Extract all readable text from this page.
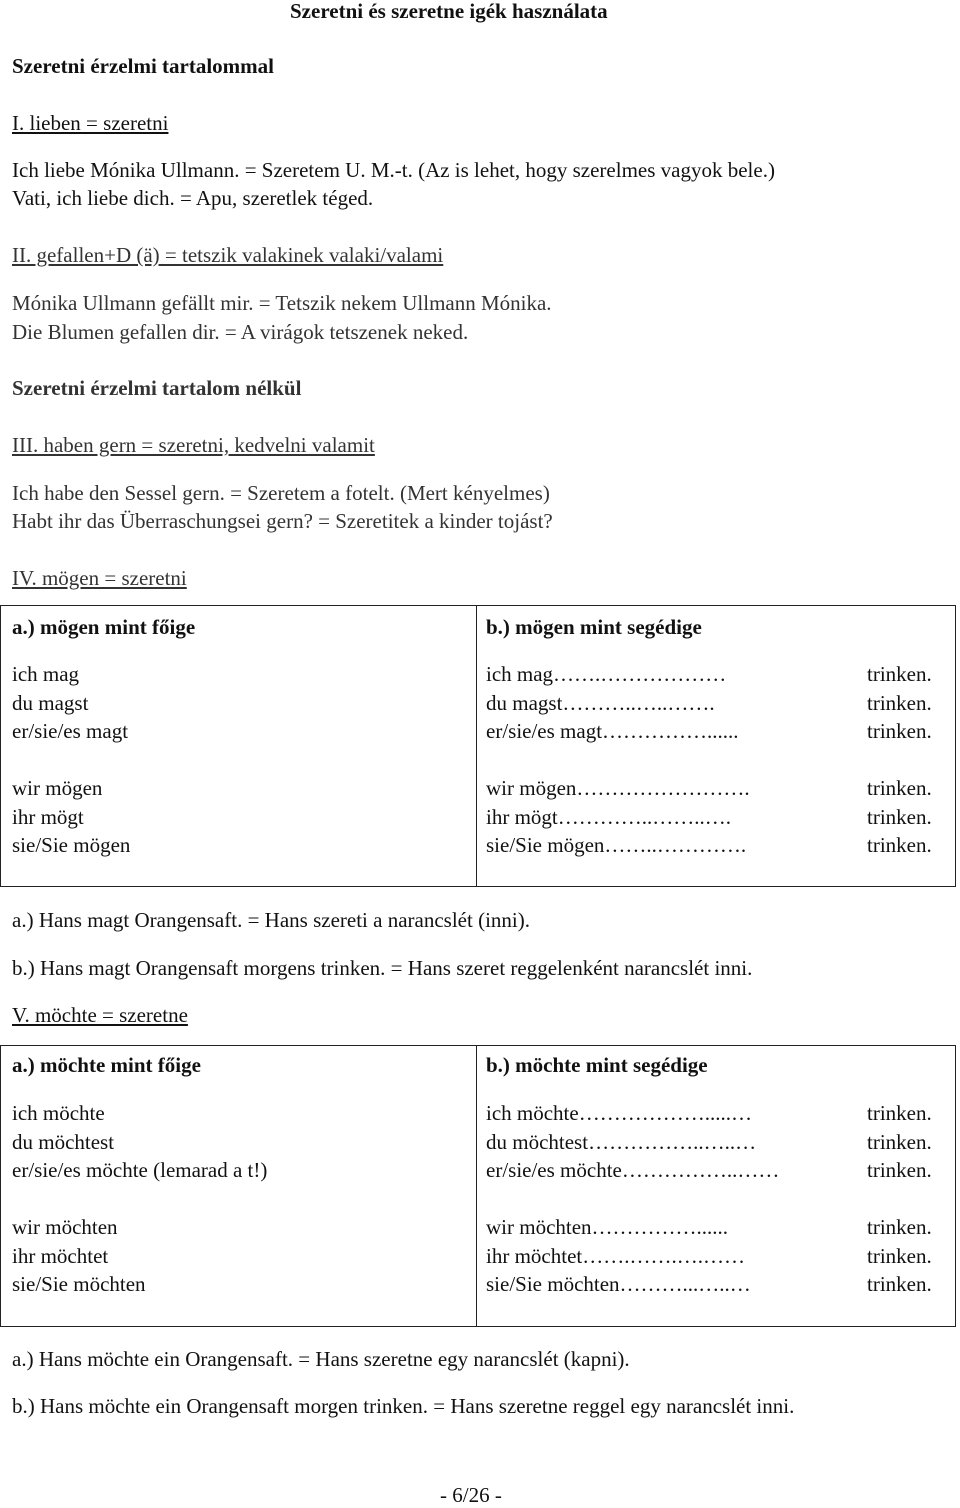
Szeretni és szeretne igék használata
Szeretni érzelmi tartalommal
I. lieben = szeretni
Ich liebe Mónika Ullmann. = Szeretem U. M.-t. (Az is lehet, hogy szerelmes vagyok bele.)
Vati, ich liebe dich. = Apu, szeretlek téged.
II. gefallen+D (ä) = tetszik valakinek valaki/valami
Mónika Ullmann gefällt mir. = Tetszik nekem Ullmann Mónika.
Die Blumen gefallen dir. = A virágok tetszenek neked.
Szeretni érzelmi tartalom nélkül
III. haben gern = szeretni, kedvelni valamit
Ich habe den Sessel gern. = Szeretem a fotelt. (Mert kényelmes)
Habt ihr das Überraschungsei gern? = Szeretitek a kinder tojást?
IV. mögen = szeretni
a.) mögen mint főige	b.) mögen mint segédige
ich mag
du magst
er/sie/es magt
wir mögen
ihr mögt
sie/Sie mögen
ich mag…….………………
du magst………..…..…….
er/sie/es magt……………......
wir mögen…………………….
ihr mögt…………..……..….
sie/Sie mögen……..………….
trinken.
trinken.
trinken.
trinken.
trinken.
trinken.
a.) Hans magt Orangensaft. = Hans szereti a narancslét (inni).
b.) Hans magt Orangensaft morgens trinken. = Hans szeret reggelenként narancslét inni.
V. möchte = szeretne
a.) möchte mint főige	b.) möchte mint segédige
ich möchte
du möchtest
er/sie/es möchte (lemarad a t!)
wir möchten
ihr möchtet
sie/Sie möchten
ich möchte……………….....…
du möchtest……………..…..…
er/sie/es möchte……………..……
wir möchten……………......
ihr möchtet…….…….….……
sie/Sie möchten………...…..…
trinken.
trinken.
trinken.
trinken.
trinken.
trinken.
a.) Hans möchte ein Orangensaft. = Hans szeretne egy narancslét (kapni).
b.) Hans möchte ein Orangensaft morgen trinken. = Hans szeretne reggel egy narancslét inni.
- 6/26 -
